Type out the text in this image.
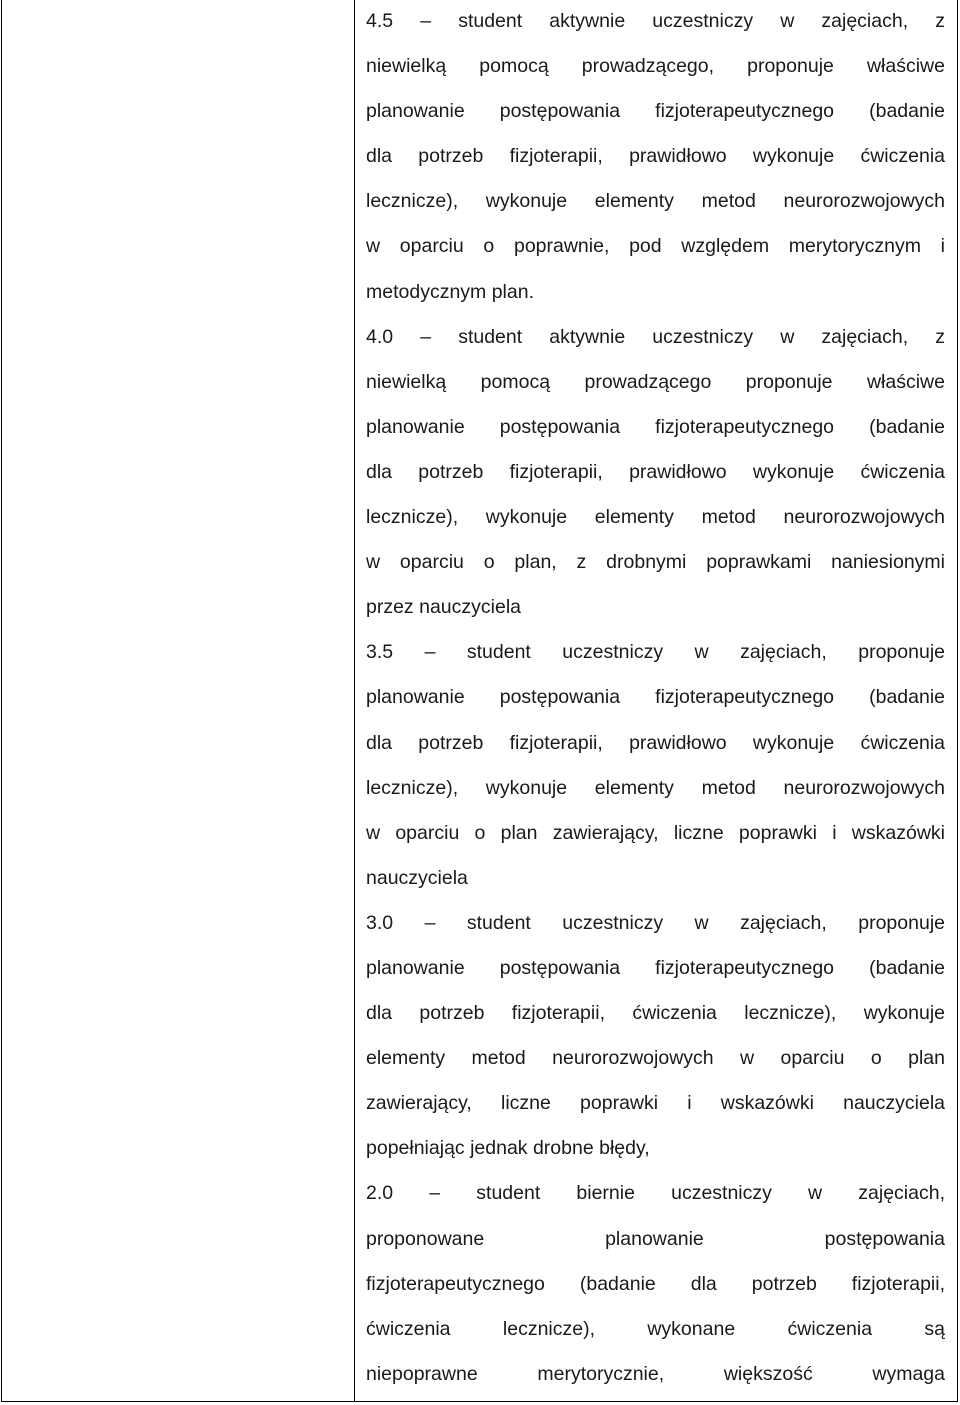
4.5 – student aktywnie uczestniczy w zajęciach, z
niewielką pomocą prowadzącego, proponuje właściwe
planowanie postępowania fizjoterapeutycznego (badanie
dla potrzeb fizjoterapii, prawidłowo wykonuje ćwiczenia
lecznicze), wykonuje elementy metod neurorozwojowych
w oparciu o poprawnie, pod względem merytorycznym i
metodycznym plan.
4.0 – student aktywnie uczestniczy w zajęciach, z
niewielką pomocą prowadzącego proponuje właściwe
planowanie postępowania fizjoterapeutycznego (badanie
dla potrzeb fizjoterapii, prawidłowo wykonuje ćwiczenia
lecznicze), wykonuje elementy metod neurorozwojowych
w oparciu o plan, z drobnymi poprawkami naniesionymi
przez nauczyciela
3.5 – student uczestniczy w zajęciach, proponuje
planowanie postępowania fizjoterapeutycznego (badanie
dla potrzeb fizjoterapii, prawidłowo wykonuje ćwiczenia
lecznicze), wykonuje elementy metod neurorozwojowych
w oparciu o plan zawierający, liczne poprawki i wskazówki
nauczyciela
3.0 – student uczestniczy w zajęciach, proponuje
planowanie postępowania fizjoterapeutycznego (badanie
dla potrzeb fizjoterapii, ćwiczenia lecznicze), wykonuje
elementy metod neurorozwojowych w oparciu o plan
zawierający, liczne poprawki i wskazówki nauczyciela
popełniając jednak drobne błędy,
2.0 – student biernie uczestniczy w zajęciach,
proponowane planowanie postępowania
fizjoterapeutycznego (badanie dla potrzeb fizjoterapii,
ćwiczenia lecznicze), wykonane ćwiczenia są
niepoprawne merytorycznie, większość wymaga
